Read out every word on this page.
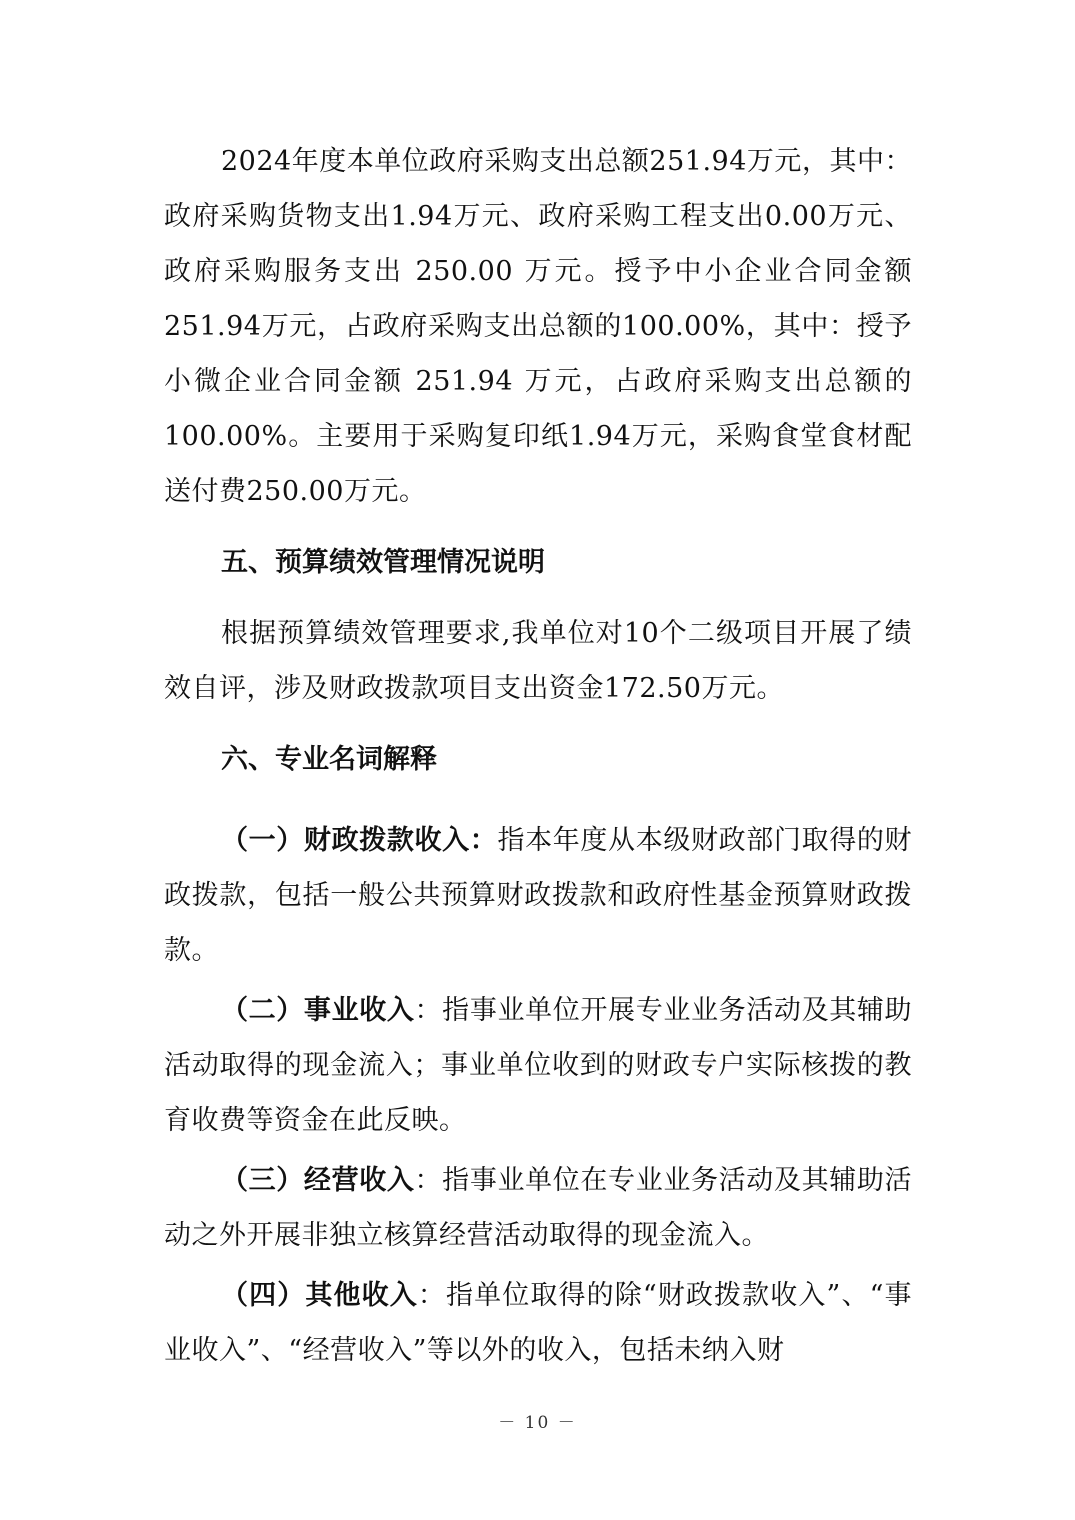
2024年度本单位政府采购支出总额251.94万元，其中：政府采购货物支出1.94万元、政府采购工程支出0.00万元、政府采购服务支出 250.00 万元。授予中小企业合同金额251.94万元，占政府采购支出总额的100.00%，其中：授予小微企业合同金额 251.94 万元，占政府采购支出总额的100.00%。主要用于采购复印纸1.94万元，采购食堂食材配送付费250.00万元。

五、预算绩效管理情况说明

根据预算绩效管理要求,我单位对10个二级项目开展了绩效自评，涉及财政拨款项目支出资金172.50万元。

六、专业名词解释

（一）财政拨款收入：指本年度从本级财政部门取得的财政拨款，包括一般公共预算财政拨款和政府性基金预算财政拨款。

（二）事业收入：指事业单位开展专业业务活动及其辅助活动取得的现金流入；事业单位收到的财政专户实际核拨的教育收费等资金在此反映。

（三）经营收入：指事业单位在专业业务活动及其辅助活动之外开展非独立核算经营活动取得的现金流入。

（四）其他收入：指单位取得的除“财政拨款收入”、“事业收入”、“经营收入”等以外的收入，包括未纳入财

－ 10 －
